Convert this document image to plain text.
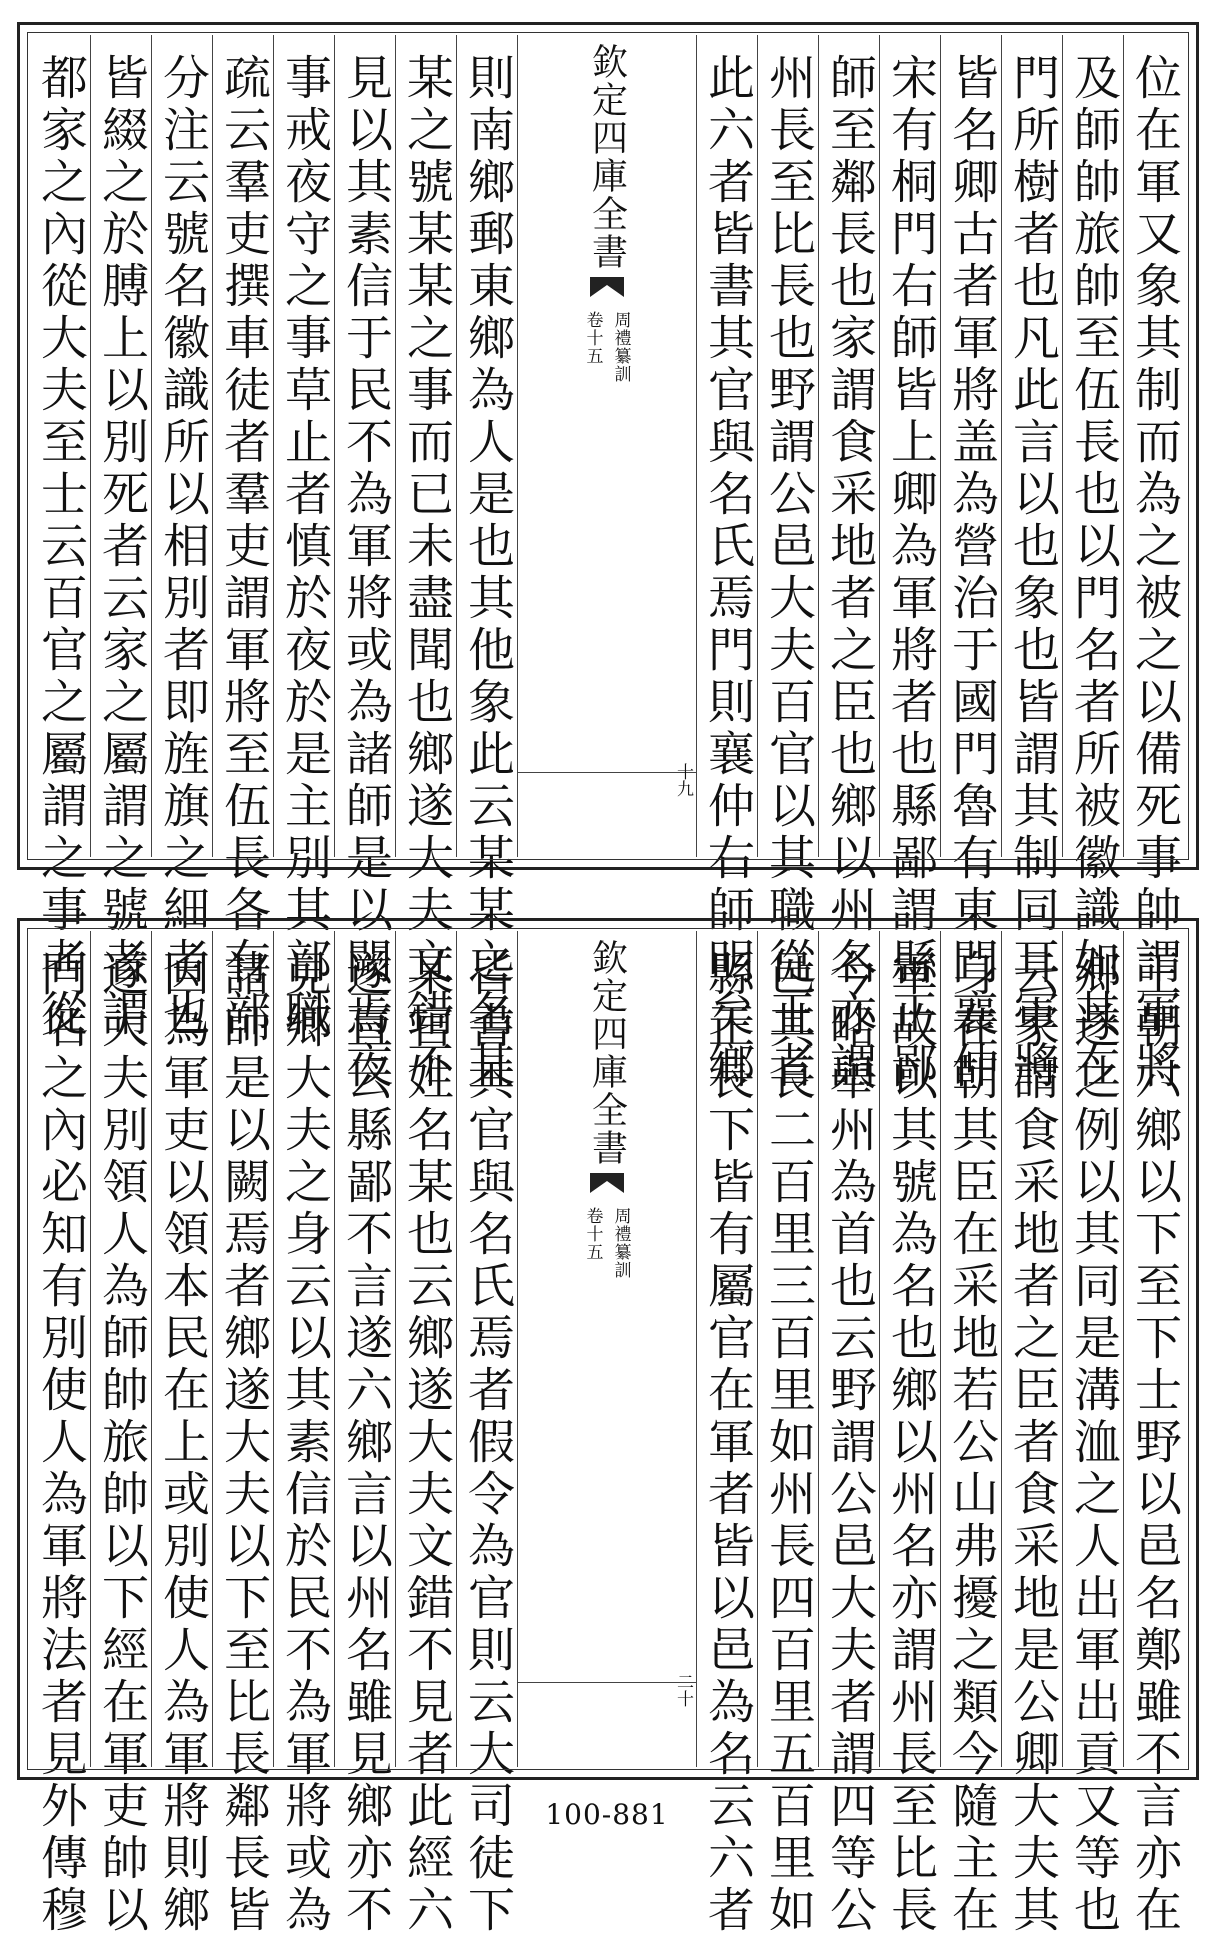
位在軍又象其制而為之被之以備死事帥謂軍將
及師帥旅帥至伍長也以門名者所被徽識如其在
門所樹者也凡此言以也象也皆謂其制同耳軍將
皆名卿古者軍將盖為營治于國門魯有東門襄仲
宋有桐門右師皆上卿為軍將者也縣鄙謂縣正鄙
師至鄰長也家謂食采地者之臣也鄉以州名亦謂
州長至比長也野謂公邑大夫百官以其職從王者
此六者皆書其官與名氏焉門則襄仲右師明矣鄉
欽定四庫全書
周禮纂訓
卷十五
十九
則南鄉郵東鄉為人是也其他象此云某某之名某
某之號某某之事而已未盡聞也鄉遂大夫文錯不
見以其素信于民不為軍將或為諸師是以闕焉夜
事戒夜守之事草止者慎於夜於是主別其部職
疏云羣吏撰車徒者羣吏謂軍將至伍長各有部
分注云號名徽識所以相別者即旌旗之細者也
皆綴之於膊上以別死者云家之屬謂之號者謂
都家之內從大夫至士云百官之屬謂之事者從
王朝六鄉以下至下士野以邑名鄭雖不言亦在
鄉遂之例以其同是溝洫之人出軍出貢又等也
云家謂食采地者之臣者食采地是公卿大夫其
身在朝其臣在采地若公山弗擾之類今隨主在
軍故以其號為名也鄉以州名亦謂州長至比長
今略舉州為首也云野謂公邑大夫者謂四等公
邑其長二百里三百里如州長四百里五百里如
縣正長下皆有屬官在軍者皆以邑為名云六者
欽定四庫全書
周禮纂訓
卷十五
二十
皆書其官與名氏焉者假令為官則云大司徒下
某官姓名某也云鄉遂大夫文錯不見者此經六
遂直云縣鄙不言遂六鄉言以州名雖見鄉亦不
見鄉大夫之身云以其素信於民不為軍將或為
諸師是以闕焉者鄉遂大夫以下至比長鄰長皆
因為軍吏以領本民在上或別使人為軍將則鄉
遂大夫別領人為師帥旅帥以下經在軍吏帥以
門名之內必知有別使人為軍將法者見外傳穆	100-881
